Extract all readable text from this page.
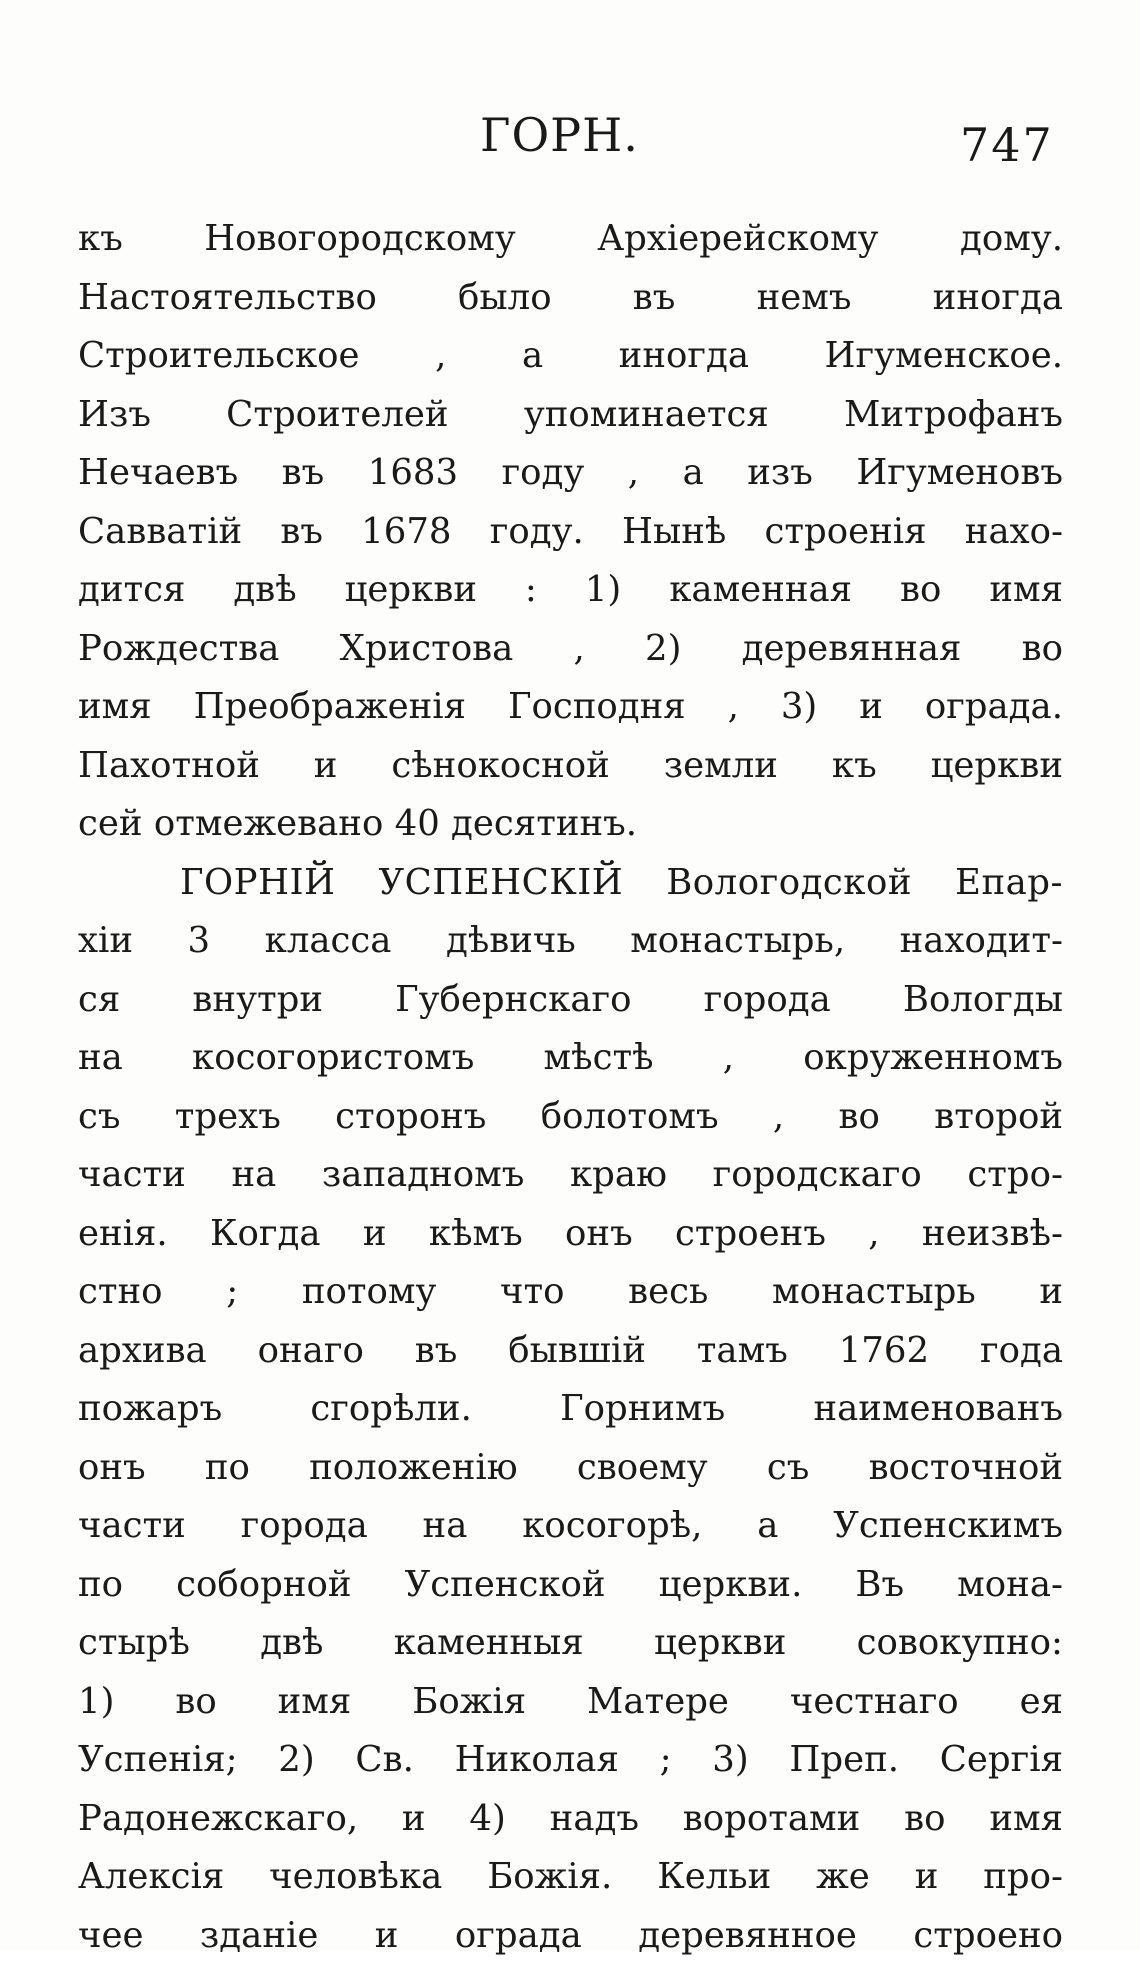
ГОРН.	747
къ Новогородскому Архіерейскому дому.
Настоятельство было въ немъ иногда
Строительское , а иногда Игуменское.
Изъ Строителей упоминается Митрофанъ
Нечаевъ въ 1683 году , а изъ Игуменовъ
Савватій въ 1678 году. Нынѣ строенія нахо-
дится двѣ церкви : 1) каменная во имя
Рождества Христова , 2) деревянная во
имя Преображенія Господня , 3) и ограда.
Пахотной и сѣнокосной земли къ церкви
сей отмежевано 40 десятинъ.
ГОРНІЙ УСПЕНСКІЙ Вологодской Епар-
хіи 3 класса дѣвичь монастырь, находит-
ся внутри Губернскаго города Вологды
на косогористомъ мѣстѣ , окруженномъ
съ трехъ сторонъ болотомъ , во второй
части на западномъ краю городскаго стро-
енія. Когда и кѣмъ онъ строенъ , неизвѣ-
стно ; потому что весь монастырь и
архива онаго въ бывшій тамъ 1762 года
пожаръ сгорѣли. Горнимъ наименованъ
онъ по положенію своему съ восточной
части города на косогорѣ, а Успенскимъ
по соборной Успенской церкви. Въ мона-
стырѣ двѣ каменныя церкви совокупно:
1) во имя Божія Матере честнаго ея
Успенія; 2) Св. Николая ; 3) Преп. Сергія
Радонежскаго, и 4) надъ воротами во имя
Алексія человѣка Божія. Кельи же и про-
чее зданіе и ограда деревянное строено
